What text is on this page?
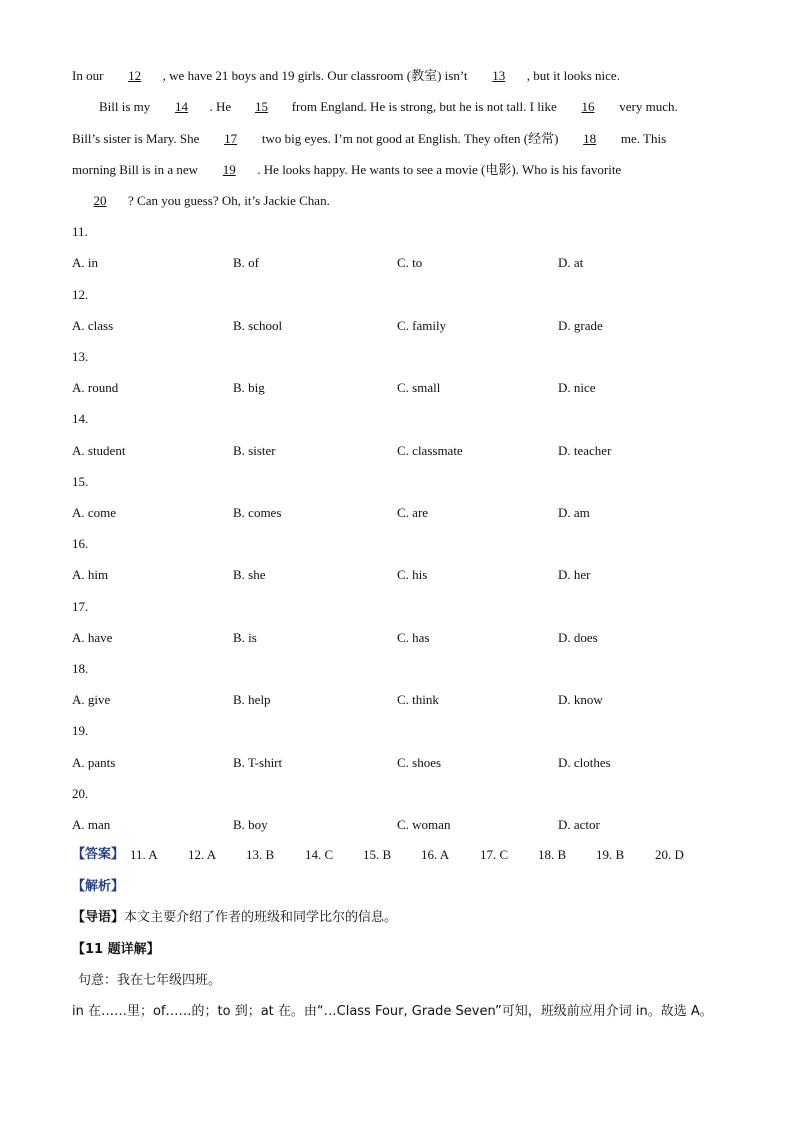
In our 12 , we have 21 boys and 19 girls. Our classroom (教室) isn’t 13 , but it looks nice.
Bill is my 14 . He 15 from England. He is strong, but he is not tall. I like 16 very much.
Bill’s sister is Mary. She 17 two big eyes. I’m not good at English. They often (经常) 18 me. This
morning Bill is in a new 19 . He looks happy. He wants to see a movie (电影). Who is his favorite
20 ? Can you guess? Oh, it’s Jackie Chan.
11.
A. in	B. of	C. to	D. at
12.
A. class	B. school	C. family	D. grade
13.
A. round	B. big	C. small	D. nice
14.
A. student	B. sister	C. classmate	D. teacher
15.
A. come	B. comes	C. are	D. am
16.
A. him	B. she	C. his	D. her
17.
A. have	B. is	C. has	D. does
18.
A. give	B. help	C. think	D. know
19.
A. pants	B. T-shirt	C. shoes	D. clothes
20.
A. man	B. boy	C. woman	D. actor
【答案】 11. A 12. A 13. B 14. C 15. B 16. A 17. C 18. B 19. B 20. D
【解析】
【导语】本文主要介绍了作者的班级和同学比尔的信息。
【11 题详解】
句意：我在七年级四班。
in 在……里；of……的；to 到；at 在。由“…Class Four, Grade Seven”可知，班级前应用介词 in。故选 A。
